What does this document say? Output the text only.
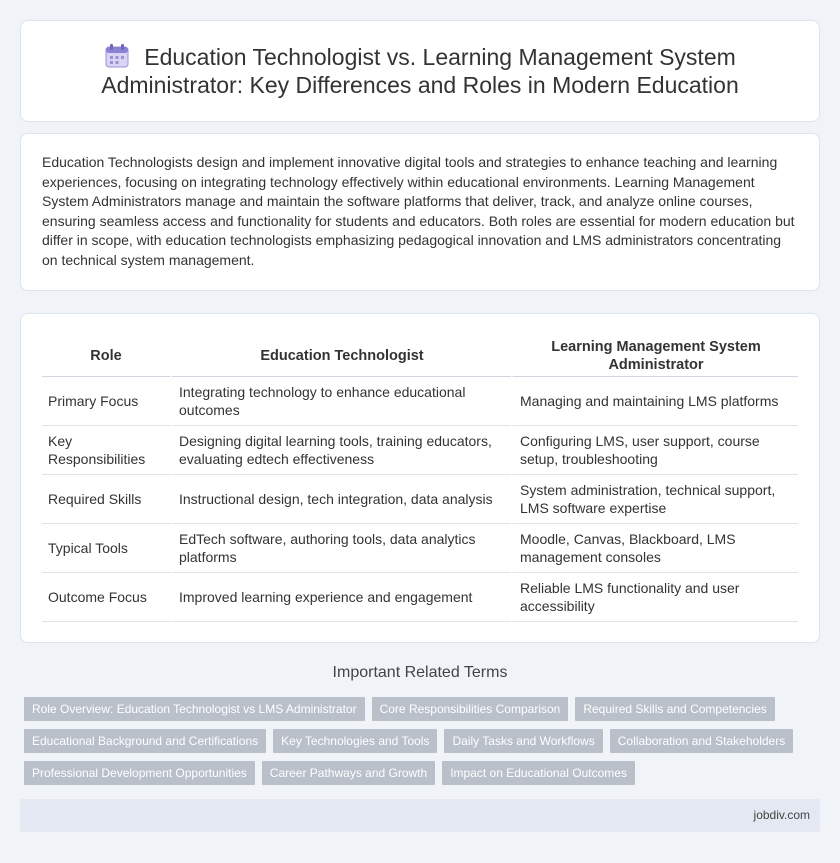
Education Technologist vs. Learning Management System Administrator: Key Differences and Roles in Modern Education

Education Technologists design and implement innovative digital tools and strategies to enhance teaching and learning experiences, focusing on integrating technology effectively within educational environments. Learning Management System Administrators manage and maintain the software platforms that deliver, track, and analyze online courses, ensuring seamless access and functionality for students and educators. Both roles are essential for modern education but differ in scope, with education technologists emphasizing pedagogical innovation and LMS administrators concentrating on technical system management.

Role	Education Technologist	Learning Management System Administrator
Primary Focus	Integrating technology to enhance educational outcomes	Managing and maintaining LMS platforms
Key Responsibilities	Designing digital learning tools, training educators, evaluating edtech effectiveness	Configuring LMS, user support, course setup, troubleshooting
Required Skills	Instructional design, tech integration, data analysis	System administration, technical support, LMS software expertise
Typical Tools	EdTech software, authoring tools, data analytics platforms	Moodle, Canvas, Blackboard, LMS management consoles
Outcome Focus	Improved learning experience and engagement	Reliable LMS functionality and user accessibility
Important Related Terms
Role Overview: Education Technologist vs LMS Administrator	Core Responsibilities Comparison	Required Skills and Competencies
Educational Background and Certifications	Key Technologies and Tools	Daily Tasks and Workflows	Collaboration and Stakeholders
Professional Development Opportunities	Career Pathways and Growth	Impact on Educational Outcomes
jobdiv.com
